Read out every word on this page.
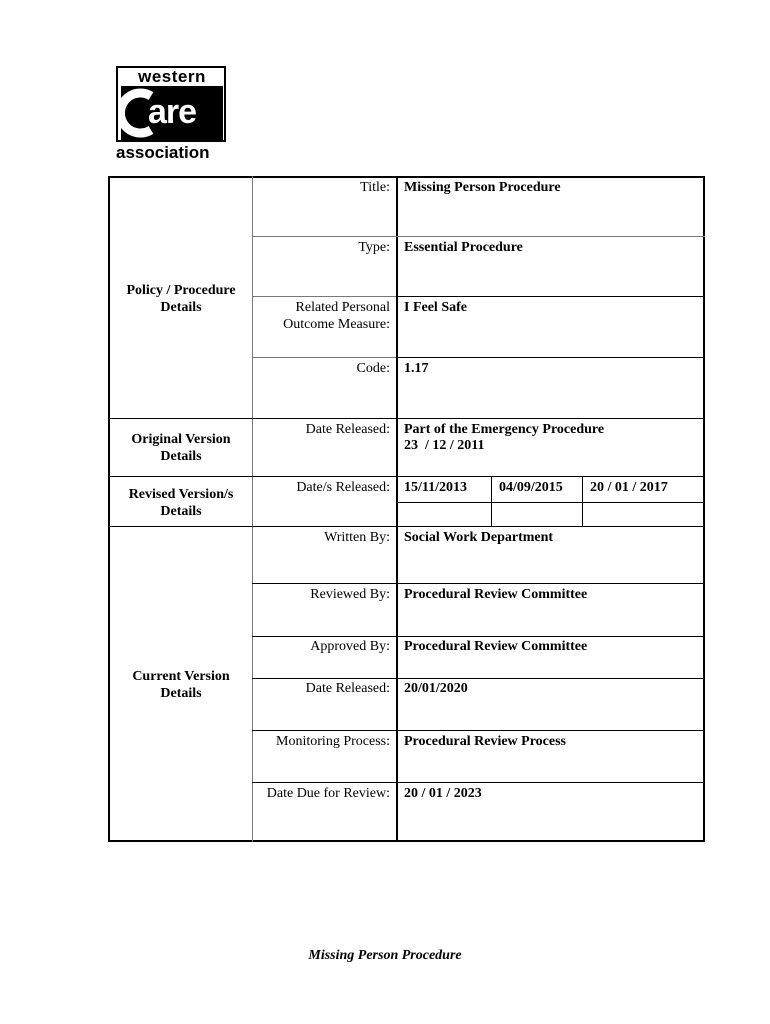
western
are
association
Policy / Procedure Details
Original Version Details
Revised Version/s Details
Current Version Details
Title:
Type:
Related Personal Outcome Measure:
Code:
Date Released:
Date/s Released:
Written By:
Reviewed By:
Approved By:
Date Released:
Monitoring Process:
Date Due for Review:
Missing Person Procedure
Essential Procedure
I Feel Safe
1.17
Part of the Emergency Procedure
23  / 12 / 2011
15/11/2013	04/09/2015	20 / 01 / 2017
Social Work Department
Procedural Review Committee
Procedural Review Committee
20/01/2020
Procedural Review Process
20 / 01 / 2023
Missing Person Procedure
